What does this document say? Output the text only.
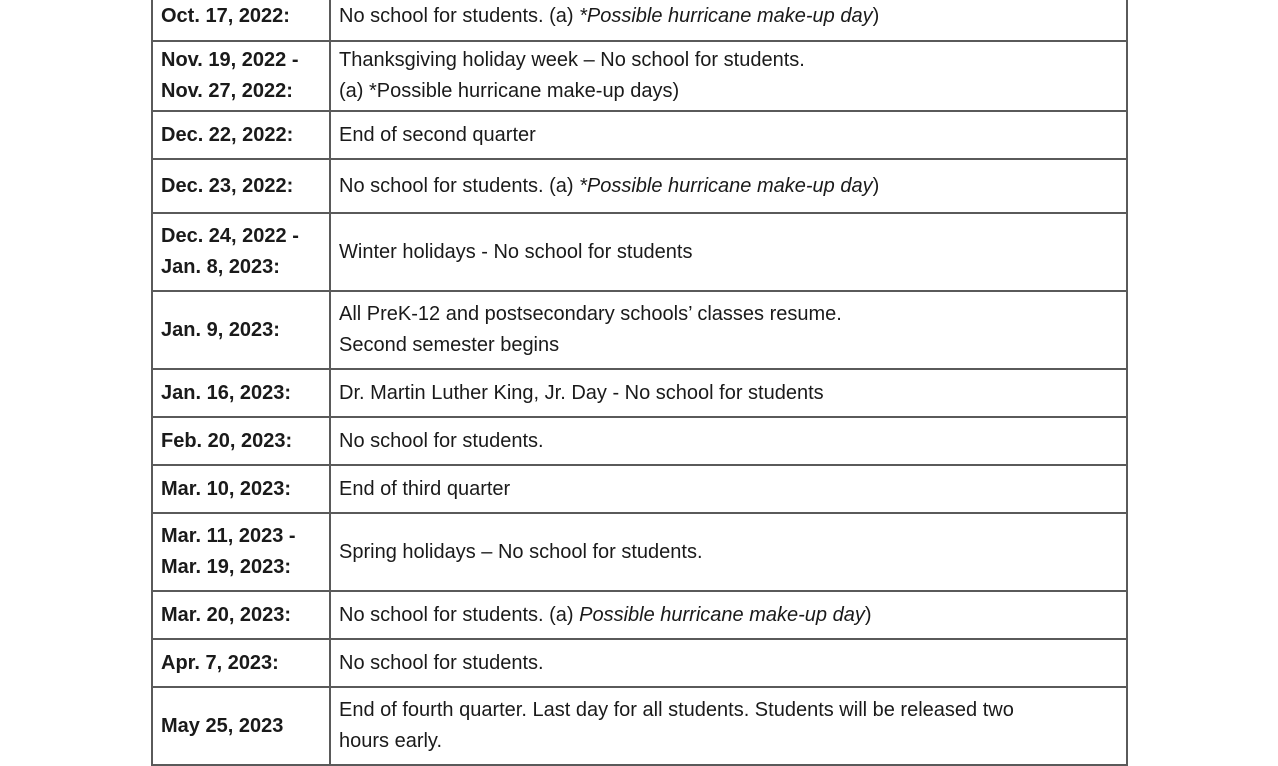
Oct. 17, 2022:	No school for students. (a) *Possible hurricane make-up day)

Nov. 19, 2022 -
Nov. 27, 2022:	Thanksgiving holiday week – No school for students.
(a) *Possible hurricane make-up days)

Dec. 22, 2022:	End of second quarter

Dec. 23, 2022:	No school for students. (a) *Possible hurricane make-up day)

Dec. 24, 2022 -
Jan. 8, 2023:	Winter holidays - No school for students

Jan. 9, 2023:	All PreK-12 and postsecondary schools’ classes resume.
Second semester begins

Jan. 16, 2023:	Dr. Martin Luther King, Jr. Day - No school for students

Feb. 20, 2023:	No school for students.

Mar. 10, 2023:	End of third quarter

Mar. 11, 2023 -
Mar. 19, 2023:	Spring holidays – No school for students.

Mar. 20, 2023:	No school for students. (a) Possible hurricane make-up day)

Apr. 7, 2023:	No school for students.

May 25, 2023	End of fourth quarter. Last day for all students. Students will be released two
hours early.
